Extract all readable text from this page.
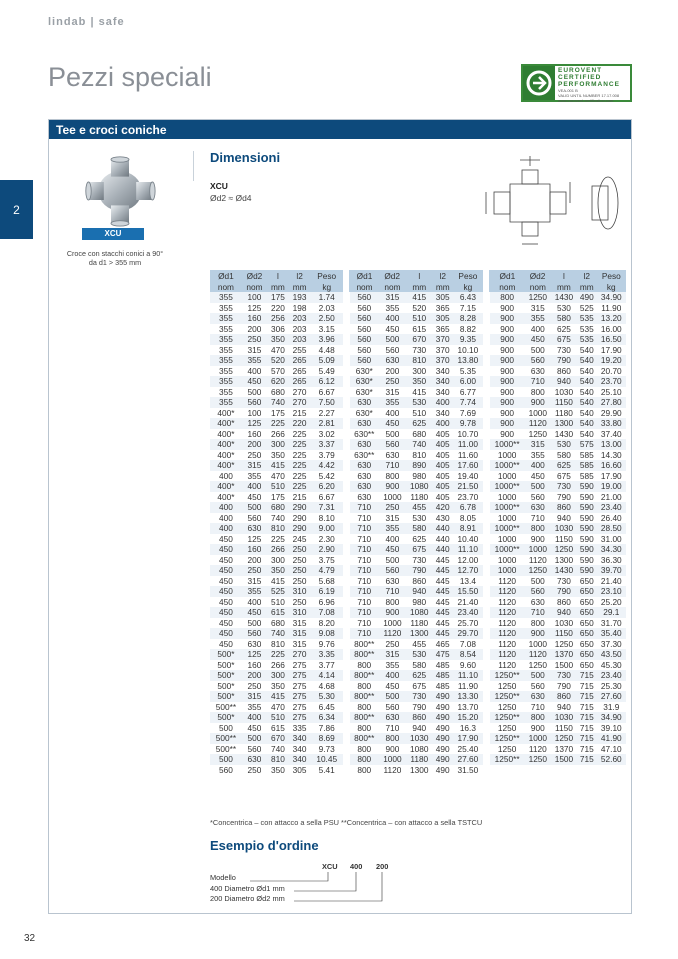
lindab | safe
Pezzi speciali	EUROVENT
CERTIFIED
PERFORMANCE
VEA-001 B
VALID UNTIL NUMBER 17.17.008
www.eurovent-certification.com
2
Tee e croci coniche
XCU
Croce con stacchi conici a 90° da d1 > 355 mm
Dimensioni
XCU
Ød2 ≈ Ød4
Ød1	Ød2	l	l2	Peso
nom	nom	mm	mm	kg
355	100	175	193	1.74
355	125	220	198	2.03
355	160	256	203	2.50
355	200	306	203	3.15
355	250	350	203	3.96
355	315	470	255	4.48
355	355	520	265	5.09
355	400	570	265	5.49
355	450	620	265	6.12
355	500	680	270	6.67
355	560	740	270	7.50
400*	100	175	215	2.27
400*	125	225	220	2.81
400*	160	266	225	3.02
400*	200	300	225	3.37
400*	250	350	225	3.79
400*	315	415	225	4.42
400	355	470	225	5.42
400*	400	510	225	6.20
400*	450	175	215	6.67
400	500	680	290	7.31
400	560	740	290	8.10
400	630	810	290	9.00
450	125	225	245	2.30
450	160	266	250	2.90
450	200	300	250	3.75
450	250	350	250	4.79
450	315	415	250	5.68
450	355	525	310	6.19
450	400	510	250	6.96
450	450	615	310	7.08
450	500	680	315	8.20
450	560	740	315	9.08
450	630	810	315	9.76
500*	125	225	270	3.35
500*	160	266	275	3.77
500*	200	300	275	4.14
500*	250	350	275	4.68
500*	315	415	275	5.30
500**	355	470	275	6.45
500*	400	510	275	6.34
500	450	615	335	7.86
500**	500	670	340	8.69
500**	560	740	340	9.73
500	630	810	340	10.45
560	250	350	305	5.41
Ød1	Ød2	l	l2	Peso
nom	nom	mm	mm	kg
560	315	415	305	6.43
560	355	520	365	7.15
560	400	510	305	8.28
560	450	615	365	8.82
560	500	670	370	9.35
560	560	730	370	10.10
560	630	810	370	13.80
630*	200	300	340	5.35
630*	250	350	340	6.00
630*	315	415	340	6.77
630	355	530	400	7.74
630*	400	510	340	7.69
630	450	625	400	9.78
630**	500	680	405	10.70
630	560	740	405	11.00
630**	630	810	405	11.60
630	710	890	405	17.60
630	800	980	405	19.40
630	900	1080	405	21.50
630	1000	1180	405	23.70
710	250	455	420	6.78
710	315	530	430	8.05
710	355	580	440	8.91
710	400	625	440	10.40
710	450	675	440	11.10
710	500	730	445	12.00
710	560	790	445	12.70
710	630	860	445	13.4
710	710	940	445	15.50
710	800	980	445	21.40
710	900	1080	445	23.40
710	1000	1180	445	25.70
710	1120	1300	445	29.70
800**	250	455	465	7.08
800**	315	530	475	8.54
800	355	580	485	9.60
800**	400	625	485	11.10
800	450	675	485	11.90
800**	500	730	490	13.30
800	560	790	490	13.70
800**	630	860	490	15.20
800	710	940	490	16.3
800**	800	1030	490	17.90
800	900	1080	490	25.40
800	1000	1180	490	27.60
800	1120	1300	490	31.50
Ød1	Ød2	l	l2	Peso
nom	nom	mm	mm	kg
800	1250	1430	490	34.90
900	315	530	525	11.90
900	355	580	535	13.20
900	400	625	535	16.00
900	450	675	535	16.50
900	500	730	540	17.90
900	560	790	540	19.20
900	630	860	540	20.70
900	710	940	540	23.70
900	800	1030	540	25.10
900	900	1150	540	27.80
900	1000	1180	540	29.90
900	1120	1300	540	33.80
900	1250	1430	540	37.40
1000**	315	530	575	13.00
1000	355	580	585	14.30
1000**	400	625	585	16.60
1000	450	675	585	17.90
1000**	500	730	590	19.00
1000	560	790	590	21.00
1000**	630	860	590	23.40
1000	710	940	590	26.40
1000**	800	1030	590	28.50
1000	900	1150	590	31.00
1000**	1000	1250	590	34.30
1000	1120	1300	590	36.30
1000	1250	1430	590	39.70
1120	500	730	650	21.40
1120	560	790	650	23.10
1120	630	860	650	25.20
1120	710	940	650	29.1
1120	800	1030	650	31.70
1120	900	1150	650	35.40
1120	1000	1250	650	37.30
1120	1120	1370	650	43.50
1120	1250	1500	650	45.30
1250**	500	730	715	23.40
1250	560	790	715	25.30
1250**	630	860	715	27.60
1250	710	940	715	31.9
1250**	800	1030	715	34.90
1250	900	1150	715	39.10
1250**	1000	1250	715	41.90
1250	1120	1370	715	47.10
1250**	1250	1500	715	52.60

*Concentrica – con attacco a sella PSU **Concentrica – con attacco a sella TSTCU
Esempio d'ordine
XCU 400 200
Modello
400 Diametro Ød1 mm
200 Diametro Ød2 mm
32
